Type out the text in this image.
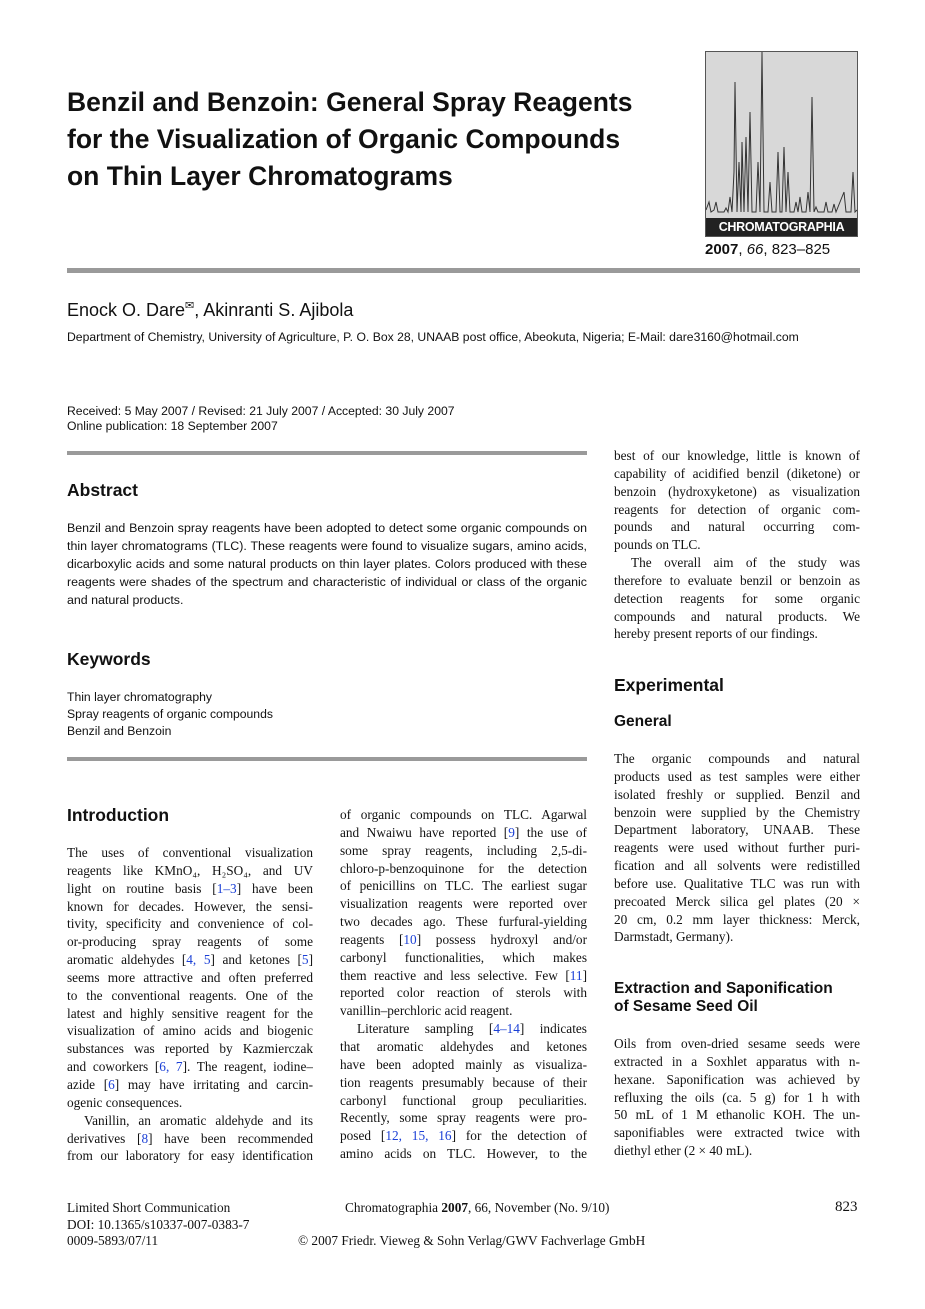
Benzil and Benzoin: General Spray Reagents
for the Visualization of Organic Compounds
on Thin Layer Chromatograms
CHROMATOGRAPHIA
2007, 66, 823–825
Enock O. Dare✉, Akinranti S. Ajibola
Department of Chemistry, University of Agriculture, P. O. Box 28, UNAAB post office, Abeokuta, Nigeria; E-Mail: dare3160@hotmail.com
Received: 5 May 2007 / Revised: 21 July 2007 / Accepted: 30 July 2007
Online publication: 18 September 2007
Abstract
Benzil and Benzoin spray reagents have been adopted to detect some organic compounds on
thin layer chromatograms (TLC). These reagents were found to visualize sugars, amino acids,
dicarboxylic acids and some natural products on thin layer plates. Colors produced with these
reagents were shades of the spectrum and characteristic of individual or class of the organic
and natural products.
Keywords
Thin layer chromatography
Spray reagents of organic compounds
Benzil and Benzoin
Introduction
The uses of conventional visualization
reagents like KMnO₄, H₂SO₄, and UV
light on routine basis [1–3] have been
known for decades. However, the sensi-
tivity, specificity and convenience of col-
or-producing spray reagents of some
aromatic aldehydes [4, 5] and ketones [5]
seems more attractive and often preferred
to the conventional reagents. One of the
latest and highly sensitive reagent for the
visualization of amino acids and biogenic
substances was reported by Kazmierczak
and coworkers [6, 7]. The reagent, iodine–
azide [6] may have irritating and carcin-
ogenic consequences.
Vanillin, an aromatic aldehyde and its
derivatives [8] have been recommended
from our laboratory for easy identification
of organic compounds on TLC. Agarwal
and Nwaiwu have reported [9] the use of
some spray reagents, including 2,5-di-
chloro-p-benzoquinone for the detection
of penicillins on TLC. The earliest sugar
visualization reagents were reported over
two decades ago. These furfural-yielding
reagents [10] possess hydroxyl and/or
carbonyl functionalities, which makes
them reactive and less selective. Few [11]
reported color reaction of sterols with
vanillin–perchloric acid reagent.
Literature sampling [4–14] indicates
that aromatic aldehydes and ketones
have been adopted mainly as visualiza-
tion reagents presumably because of their
carbonyl functional group peculiarities.
Recently, some spray reagents were pro-
posed [12, 15, 16] for the detection of
amino acids on TLC. However, to the
best of our knowledge, little is known of
capability of acidified benzil (diketone) or
benzoin (hydroxyketone) as visualization
reagents for detection of organic com-
pounds and natural occurring com-
pounds on TLC.
The overall aim of the study was
therefore to evaluate benzil or benzoin as
detection reagents for some organic
compounds and natural products. We
hereby present reports of our findings.
Experimental
General
The organic compounds and natural
products used as test samples were either
isolated freshly or supplied. Benzil and
benzoin were supplied by the Chemistry
Department laboratory, UNAAB. These
reagents were used without further puri-
fication and all solvents were redistilled
before use. Qualitative TLC was run with
precoated Merck silica gel plates (20 ×
20 cm, 0.2 mm layer thickness: Merck,
Darmstadt, Germany).
Extraction and Saponification
of Sesame Seed Oil
Oils from oven-dried sesame seeds were
extracted in a Soxhlet apparatus with n-
hexane. Saponification was achieved by
refluxing the oils (ca. 5 g) for 1 h with
50 mL of 1 M ethanolic KOH. The un-
saponifiables were extracted twice with
diethyl ether (2 × 40 mL).
Limited Short Communication
DOI: 10.1365/s10337-007-0383-7
0009-5893/07/11
Chromatographia 2007, 66, November (No. 9/10)
© 2007 Friedr. Vieweg & Sohn Verlag/GWV Fachverlage GmbH
823
